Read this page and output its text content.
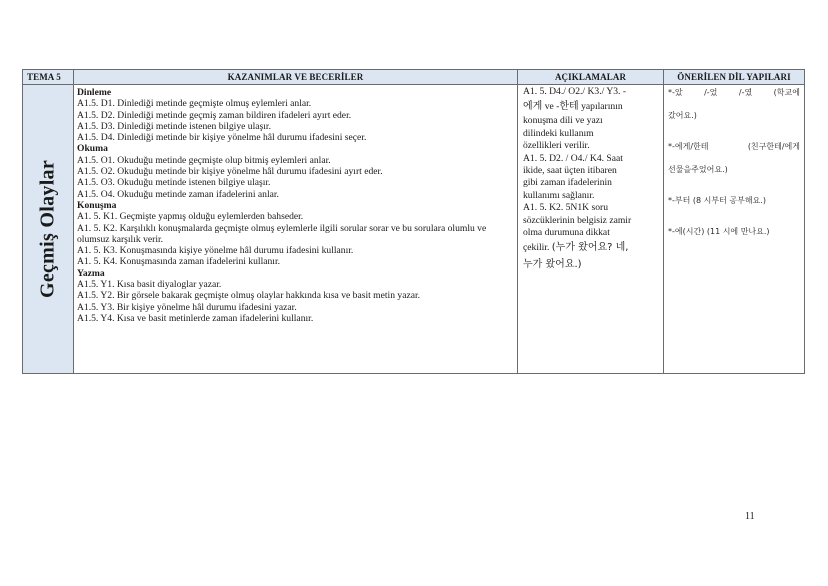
TEMA 5	KAZANIMLAR VE BECERİLER	AÇIKLAMALAR	ÖNERİLEN DİL YAPILARI

Geçmiş Olaylar

Dinleme
A1.5. D1. Dinlediği metinde geçmişte olmuş eylemleri anlar.
A1.5. D2. Dinlediği metinde geçmiş zaman bildiren ifadeleri ayırt eder.
A1.5. D3. Dinlediği metinde istenen bilgiye ulaşır.
A1.5. D4. Dinlediği metinde bir kişiye yönelme hâl durumu ifadesini seçer.
Okuma
A1.5. O1. Okuduğu metinde geçmişte olup bitmiş eylemleri anlar.
A1.5. O2. Okuduğu metinde bir kişiye yönelme hâl durumu ifadesini ayırt eder.
A1.5. O3. Okuduğu metinde istenen bilgiye ulaşır.
A1.5. O4. Okuduğu metinde zaman ifadelerini anlar.
Konuşma
A1. 5. K1. Geçmişte yapmış olduğu eylemlerden bahseder.
A1. 5. K2. Karşılıklı konuşmalarda geçmişte olmuş eylemlerle ilgili sorular sorar ve bu sorulara olumlu ve olumsuz karşılık verir.
A1. 5. K3. Konuşmasında kişiye yönelme hâl durumu ifadesini kullanır.
A1. 5. K4. Konuşmasında zaman ifadelerini kullanır.
Yazma
A1.5. Y1. Kısa basit diyaloglar yazar.
A1.5. Y2. Bir görsele bakarak geçmişte olmuş olaylar hakkında kısa ve basit metin yazar.
A1.5. Y3. Bir kişiye yönelme hâl durumu ifadesini yazar.
A1.5. Y4. Kısa ve basit metinlerde zaman ifadelerini kullanır.

A1. 5. D4./ O2./ K3./ Y3. -
에게 ve -한테 yapılarının
konuşma dili ve yazı
dilindeki kullanım
özellikleri verilir.
A1. 5. D2. / O4./ K4. Saat
ikide, saat üçten itibaren
gibi zaman ifadelerinin
kullanımı sağlanır.
A1. 5. K2. 5N1K soru
sözcüklerinin belgisiz zamir
olma durumuna dikkat
çekilir. (누가 왔어요? 네,
누가 왔어요.)

*-았	/-었	/-였	(학교에
갔어요.)
*-에게/한테	(친구한테/에게
선물을주었어요.)
*-부터 (8 시부터 공부해요.)
*-에(시간) (11 시에 만나요.)
11
